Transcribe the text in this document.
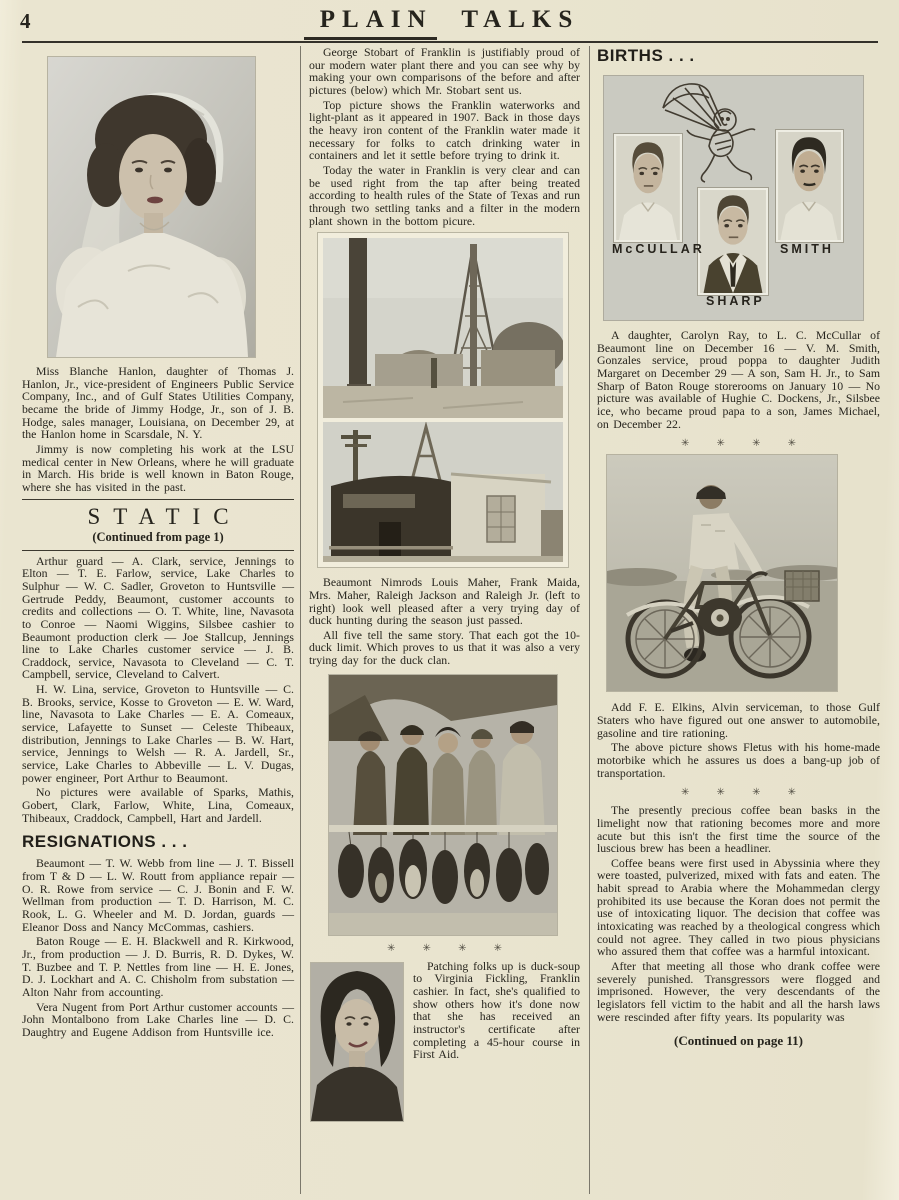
4	PLAIN TALKS

Miss Blanche Hanlon, daughter of Thomas J. Hanlon, Jr., vice-president of Engineers Public Service Company, Inc., and of Gulf States Utilities Company, became the bride of Jimmy Hodge, Jr., son of J. B. Hodge, sales manager, Louisiana, on December 29, at the Hanlon home in Scarsdale, N. Y.

Jimmy is now completing his work at the LSU medical center in New Orleans, where he will graduate in March. His bride is well known in Baton Rouge, where she has visited in the past.

STATIC
(Continued from page 1)

Arthur guard — A. Clark, service, Jennings to Elton — T. E. Farlow, service, Lake Charles to Sulphur — W. C. Sadler, Groveton to Huntsville — Gertrude Peddy, Beaumont, customer accounts to credits and collections — O. T. White, line, Navasota to Conroe — Naomi Wiggins, Silsbee cashier to Beaumont production clerk — Joe Stallcup, Jennings line to Lake Charles customer service — J. B. Craddock, service, Navasota to Cleveland — C. T. Campbell, service, Cleveland to Calvert.

H. W. Lina, service, Groveton to Huntsville — C. B. Brooks, service, Kosse to Groveton — E. W. Ward, line, Navasota to Lake Charles — E. A. Comeaux, service, Lafayette to Sunset — Celeste Thibeaux, distribution, Jennings to Lake Charles — B. W. Hart, service, Jennings to Welsh — R. A. Jardell, Sr., service, Lake Charles to Abbeville — L. V. Dugas, power engineer, Port Arthur to Beaumont.

No pictures were available of Sparks, Mathis, Gobert, Clark, Farlow, White, Lina, Comeaux, Thibeaux, Craddock, Campbell, Hart and Jardell.

RESIGNATIONS . . .

Beaumont — T. W. Webb from line — J. T. Bissell from T & D — L. W. Routt from appliance repair — O. R. Rowe from service — C. J. Bonin and F. W. Wellman from production — T. D. Harrison, M. C. Rook, L. G. Wheeler and M. D. Jordan, guards — Eleanor Doss and Nancy McCommas, cashiers.

Baton Rouge — E. H. Blackwell and R. Kirkwood, Jr., from production — J. D. Burris, R. D. Dykes, W. T. Buzbee and T. P. Nettles from line — H. E. Jones, D. J. Lockhart and A. C. Chisholm from substation — Alton Nahr from accounting.

Vera Nugent from Port Arthur customer accounts — John Montalbono from Lake Charles line — D. C. Daughtry and Eugene Addison from Huntsville ice.

George Stobart of Franklin is justifiably proud of our modern water plant there and you can see why by making your own comparisons of the before and after pictures (below) which Mr. Stobart sent us.

Top picture shows the Franklin waterworks and light-plant as it appeared in 1907. Back in those days the heavy iron content of the Franklin water made it necessary for folks to catch drinking water in containers and let it settle before trying to drink it.

Today the water in Franklin is very clear and can be used right from the tap after being treated according to health rules of the State of Texas and run through two settling tanks and a filter in the modern plant shown in the bottom picure.

Beaumont Nimrods Louis Maher, Frank Maida, Mrs. Maher, Raleigh Jackson and Raleigh Jr. (left to right) look well pleased after a very trying day of duck hunting during the season just passed.

All five tell the same story. That each got the 10-duck limit. Which proves to us that it was also a very trying day for the duck clan.

✳ ✳ ✳ ✳

Patching folks up is duck-soup to Virginia Fickling, Franklin cashier. In fact, she's qualified to show others how it's done now that she has received an instructor's certificate after completing a 45-hour course in First Aid.

BIRTHS . . .
McCULLAR
SHARP
SMITH

A daughter, Carolyn Ray, to L. C. McCullar of Beaumont line on December 16 — V. M. Smith, Gonzales service, proud poppa to daughter Judith Margaret on December 29 — A son, Sam H. Jr., to Sam Sharp of Baton Rouge storerooms on January 10 — No picture was available of Hughie C. Dockens, Jr., Silsbee ice, who became proud papa to a son, James Michael, on December 22.

✳ ✳ ✳ ✳

Add F. E. Elkins, Alvin serviceman, to those Gulf Staters who have figured out one answer to automobile, gasoline and tire rationing.

The above picture shows Fletus with his home-made motorbike which he assures us does a bang-up job of transportation.

✳ ✳ ✳ ✳

The presently precious coffee bean basks in the limelight now that rationing becomes more and more acute but this isn't the first time the source of the luscious brew has been a headliner.

Coffee beans were first used in Abyssinia where they were toasted, pulverized, mixed with fats and eaten. The habit spread to Arabia where the Mohammedan clergy prohibited its use because the Koran does not permit the use of intoxicating liquor. The decision that coffee was intoxicating was reached by a theological congress which could not agree. They called in two pious physicians who assured them that coffee was a harmful intoxicant.

After that meeting all those who drank coffee were severely punished. Transgressors were flogged and imprisoned. However, the very descendants of the legislators fell victim to the habit and all the harsh laws were rescinded after fifty years. Its popularity was

(Continued on page 11)
